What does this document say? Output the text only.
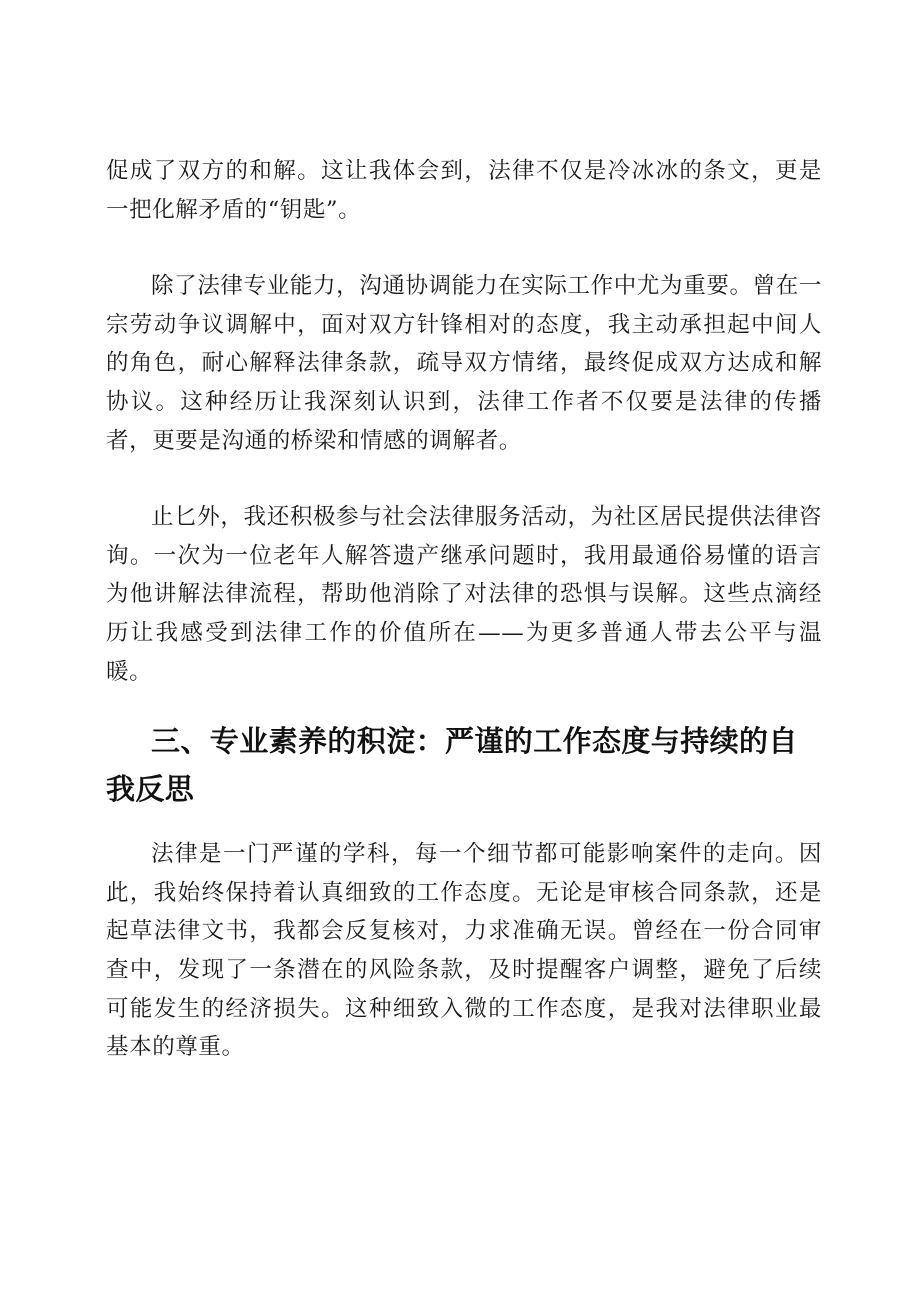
促成了双方的和解。这让我体会到，法律不仅是冷冰冰的条文，更是一把化解矛盾的“钥匙”。

除了法律专业能力，沟通协调能力在实际工作中尤为重要。曾在一宗劳动争议调解中，面对双方针锋相对的态度，我主动承担起中间人的角色，耐心解释法律条款，疏导双方情绪，最终促成双方达成和解协议。这种经历让我深刻认识到，法律工作者不仅要是法律的传播者，更要是沟通的桥梁和情感的调解者。

止匕外，我还积极参与社会法律服务活动，为社区居民提供法律咨询。一次为一位老年人解答遗产继承问题时，我用最通俗易懂的语言为他讲解法律流程，帮助他消除了对法律的恐惧与误解。这些点滴经历让我感受到法律工作的价值所在——为更多普通人带去公平与温暖。

三、专业素养的积淀：严谨的工作态度与持续的自我反思

法律是一门严谨的学科，每一个细节都可能影响案件的走向。因此，我始终保持着认真细致的工作态度。无论是审核合同条款，还是起草法律文书，我都会反复核对，力求准确无误。曾经在一份合同审查中，发现了一条潜在的风险条款，及时提醒客户调整，避免了后续可能发生的经济损失。这种细致入微的工作态度，是我对法律职业最基本的尊重。
